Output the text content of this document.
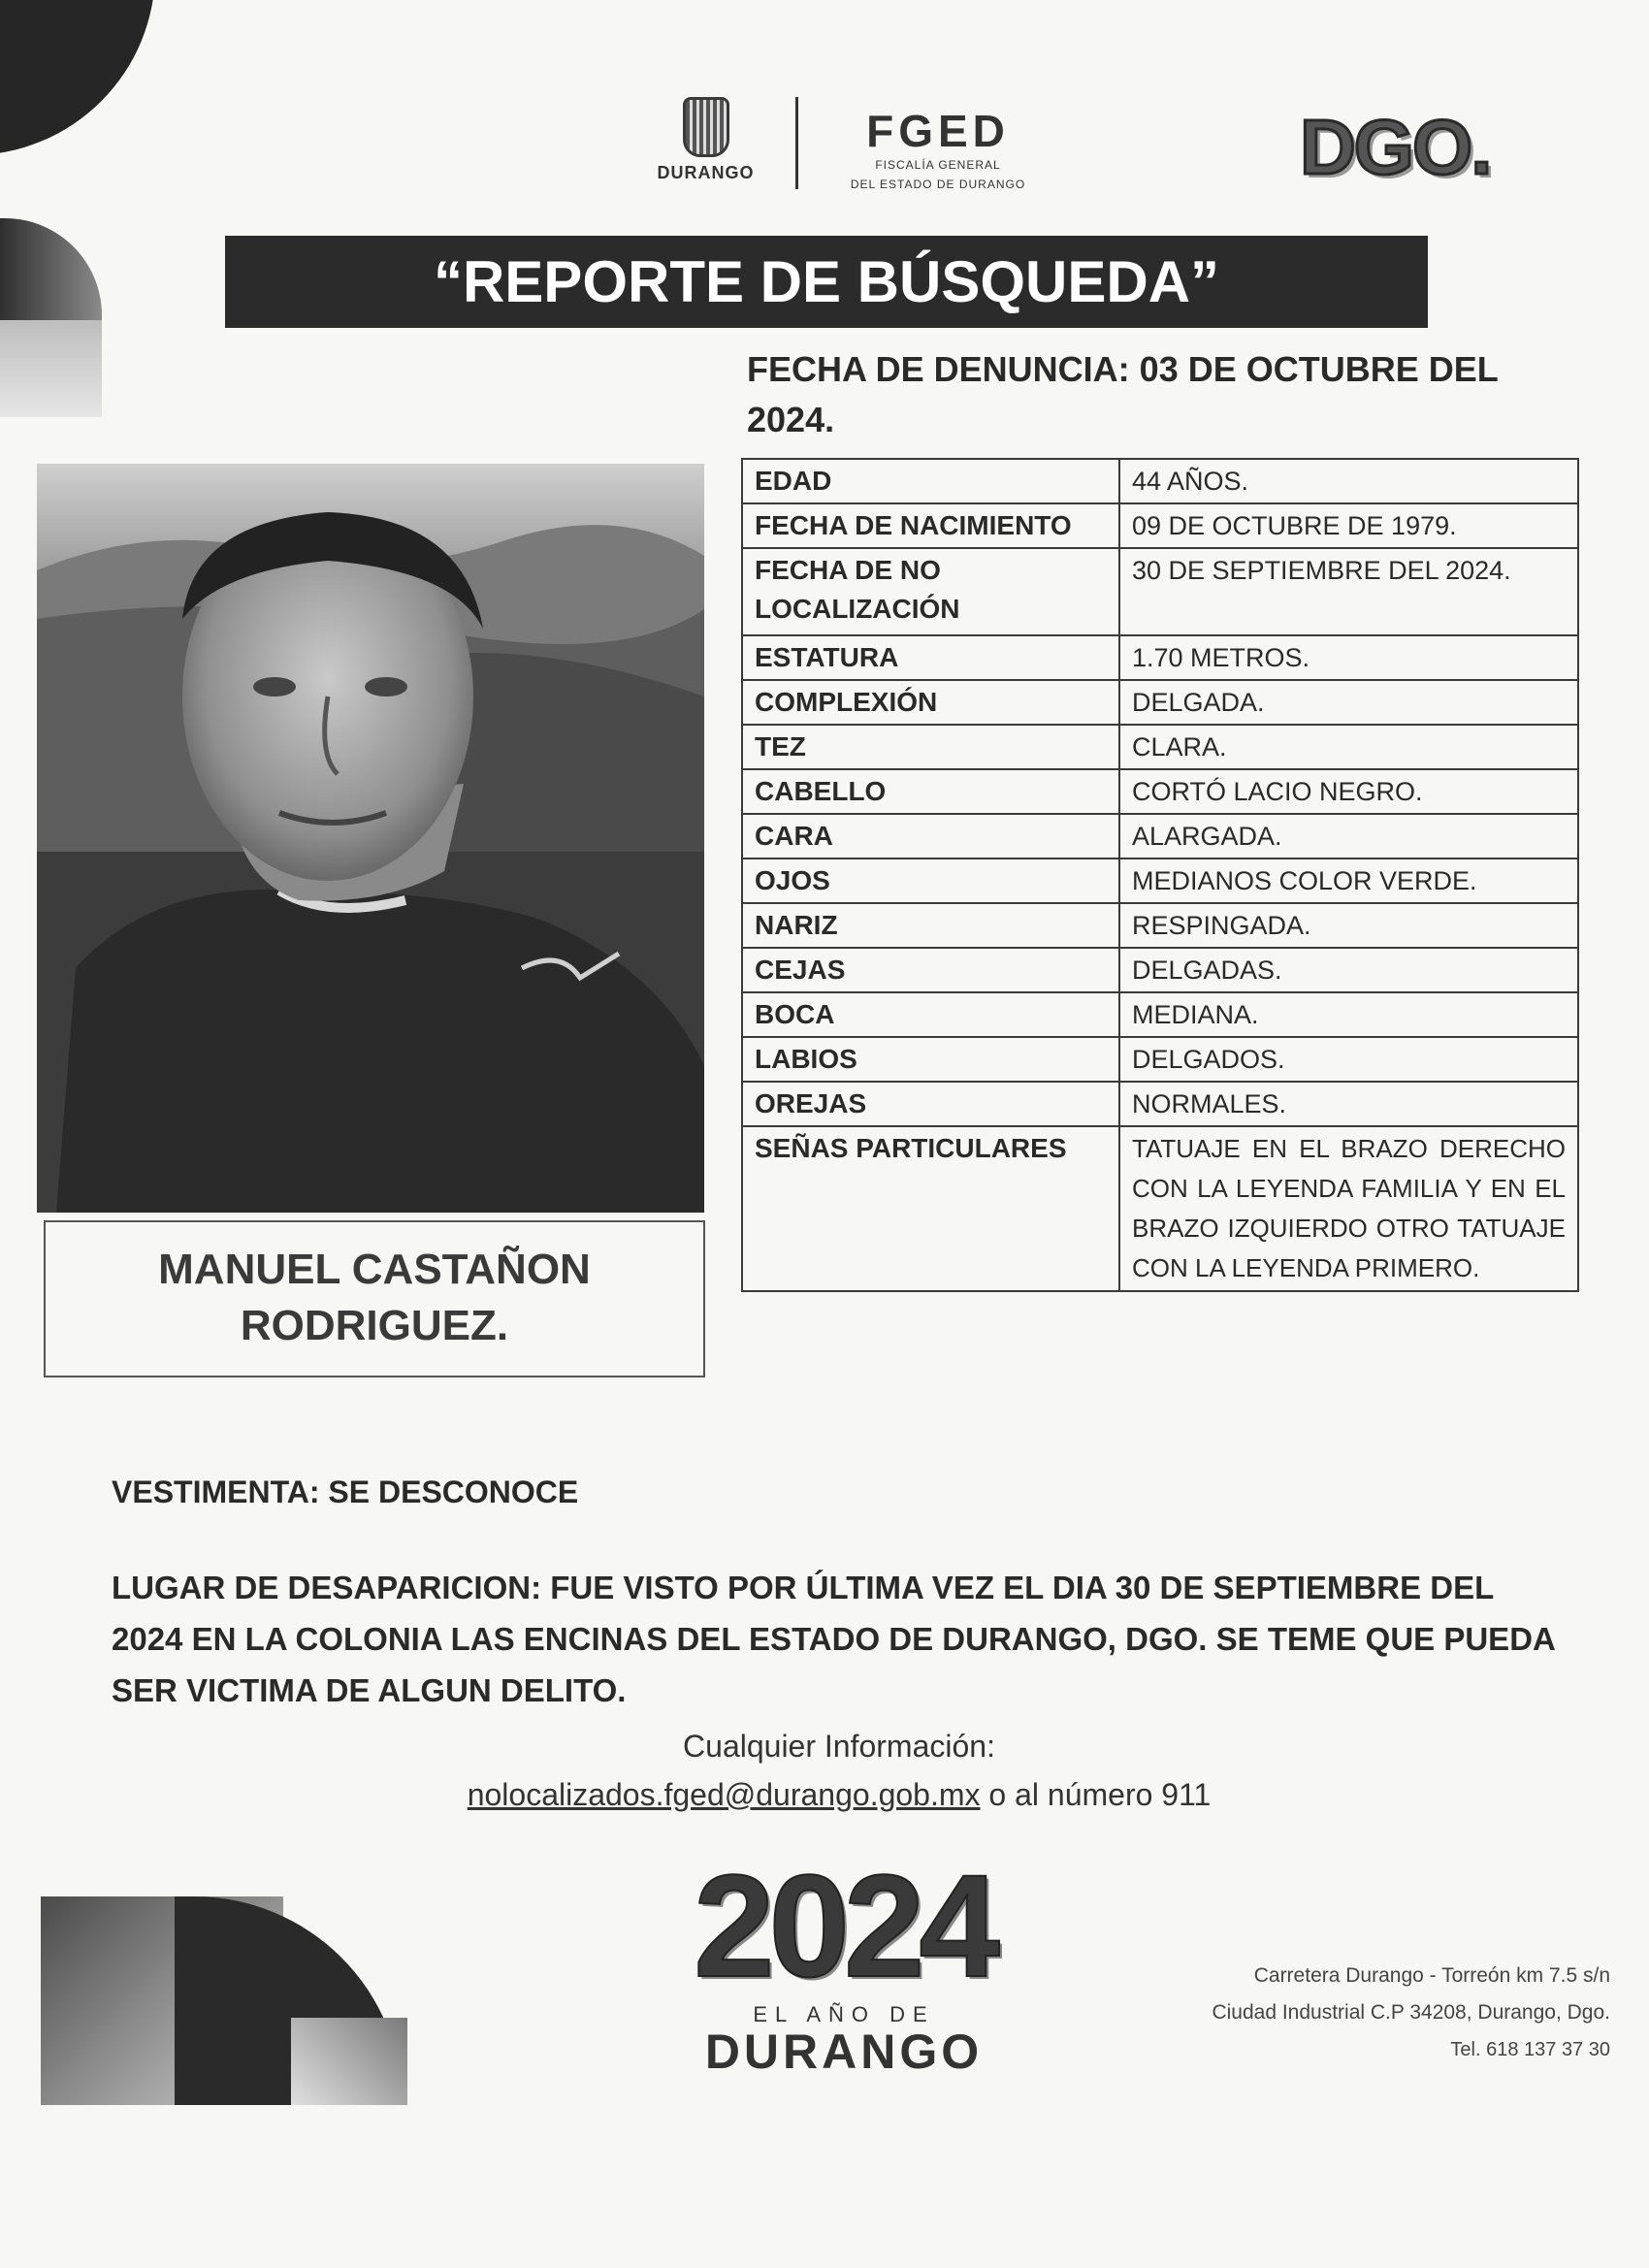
DURANGO
FGED
FISCALÍA GENERAL
DEL ESTADO DE DURANGO	DGO.
“REPORTE DE BÚSQUEDA”
FECHA DE DENUNCIA: 03 DE OCTUBRE DEL 2024.
MANUEL CASTAÑON
RODRIGUEZ.
EDAD	44 AÑOS.
FECHA DE NACIMIENTO	09 DE OCTUBRE DE 1979.
FECHA DE NO LOCALIZACIÓN	30 DE SEPTIEMBRE DEL 2024.
ESTATURA	1.70 METROS.
COMPLEXIÓN	DELGADA.
TEZ	CLARA.
CABELLO	CORTÓ LACIO NEGRO.
CARA	ALARGADA.
OJOS	MEDIANOS COLOR VERDE.
NARIZ	RESPINGADA.
CEJAS	DELGADAS.
BOCA	MEDIANA.
LABIOS	DELGADOS.
OREJAS	NORMALES.
SEÑAS PARTICULARES	TATUAJE EN EL BRAZO DERECHO CON LA LEYENDA FAMILIA Y EN EL BRAZO IZQUIERDO OTRO TATUAJE CON LA LEYENDA PRIMERO.
VESTIMENTA: SE DESCONOCE
LUGAR DE DESAPARICION: FUE VISTO POR ÚLTIMA VEZ EL DIA 30 DE SEPTIEMBRE DEL 2024 EN LA COLONIA LAS ENCINAS DEL ESTADO DE DURANGO, DGO. SE TEME QUE PUEDA SER VICTIMA DE ALGUN DELITO.
Cualquier Información:
nolocalizados.fged@durango.gob.mx o al número 911
2024
EL AÑO DE
DURANGO
Carretera Durango - Torreón km 7.5 s/n
Ciudad Industrial C.P 34208, Durango, Dgo.
Tel. 618 137 37 30
